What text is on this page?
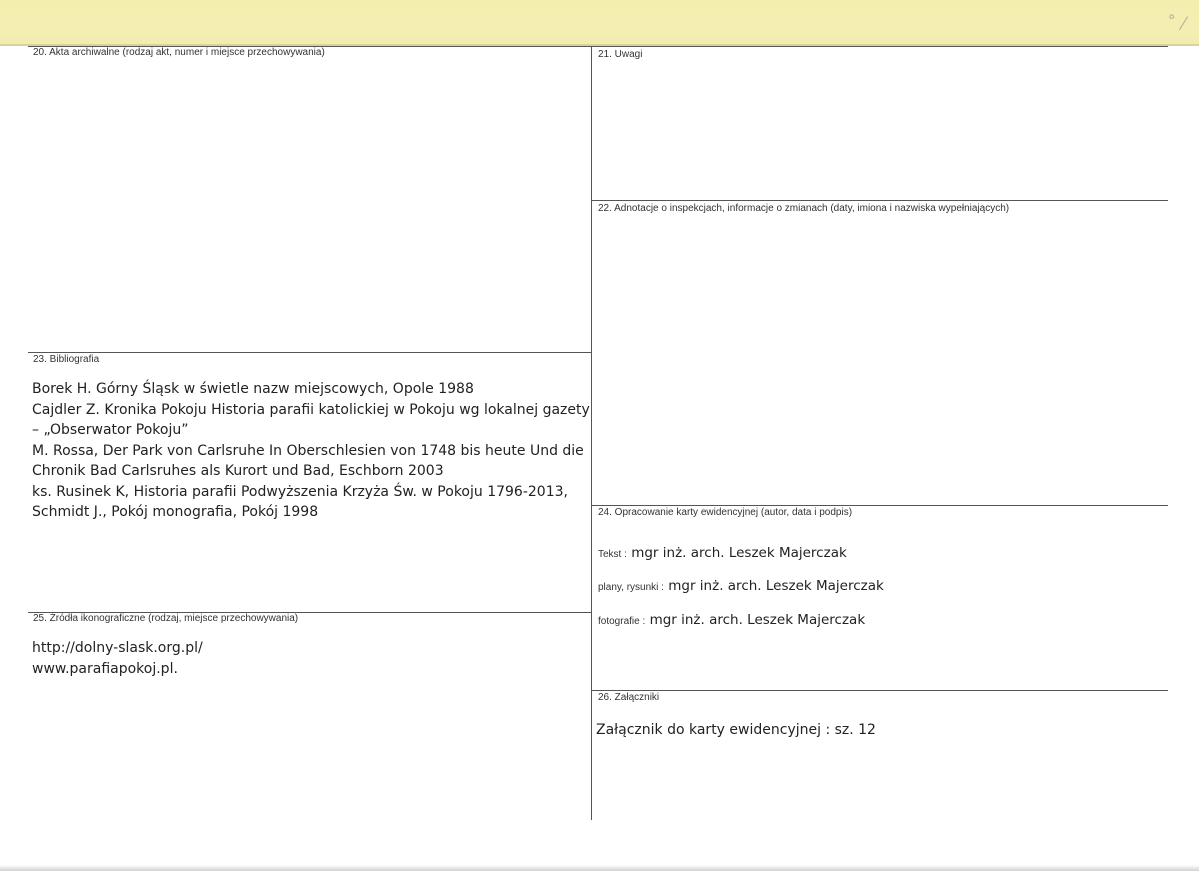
˚ ⁄
20. Akta archiwalne (rodzaj akt, numer i miejsce przechowywania)	21. Uwagi
22. Adnotacje o inspekcjach, informacje o zmianach (daty, imiona i nazwiska wypełniających)
23. Bibliografia
Borek H. Górny Śląsk w świetle nazw miejscowych, Opole 1988
Cajdler Z. Kronika Pokoju Historia parafii katolickiej w Pokoju wg lokalnej gazety
– „Obserwator Pokoju”
M. Rossa, Der Park von Carlsruhe In Oberschlesien von 1748 bis heute Und die
Chronik Bad Carlsruhes als Kurort und Bad, Eschborn 2003
ks. Rusinek K, Historia parafii Podwyższenia Krzyża Św. w Pokoju 1796-2013,
Schmidt J., Pokój monografia, Pokój 1998	24. Opracowanie karty ewidencyjnej (autor, data i podpis)
Tekst : mgr inż. arch. Leszek Majerczak
plany, rysunki : mgr inż. arch. Leszek Majerczak
fotografie : mgr inż. arch. Leszek Majerczak
25. Źródła ikonograficzne (rodzaj, miejsce przechowywania)
http://dolny-slask.org.pl/
www.parafiapokoj.pl.
26. Załączniki
Załącznik do karty ewidencyjnej : sz. 12
